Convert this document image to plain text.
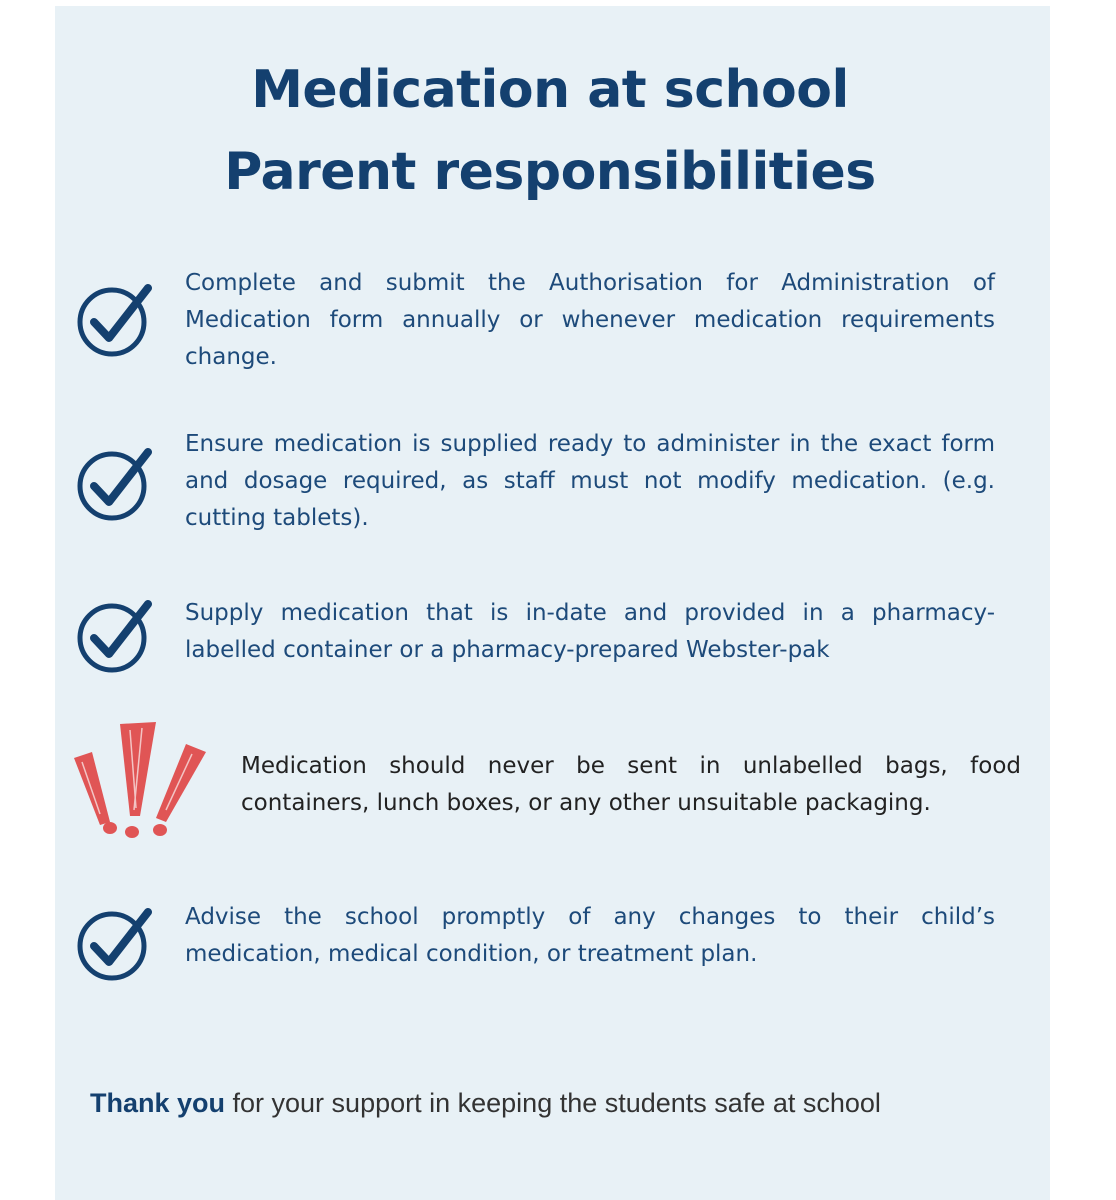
Medication at school
Parent responsibilities

Complete and submit the Authorisation for Administration of Medication form annually or whenever medication requirements change.

Ensure medication is supplied ready to administer in the exact form and dosage required, as staff must not modify medication. (e.g. cutting tablets).

Supply medication that is in-date and provided in a pharmacy-labelled container or a pharmacy-prepared Webster-pak

Medication should never be sent in unlabelled bags, food containers, lunch boxes, or any other unsuitable packaging.

Advise the school promptly of any changes to their child’s medication, medical condition, or treatment plan.

Thank you for your support in keeping the students safe at school
